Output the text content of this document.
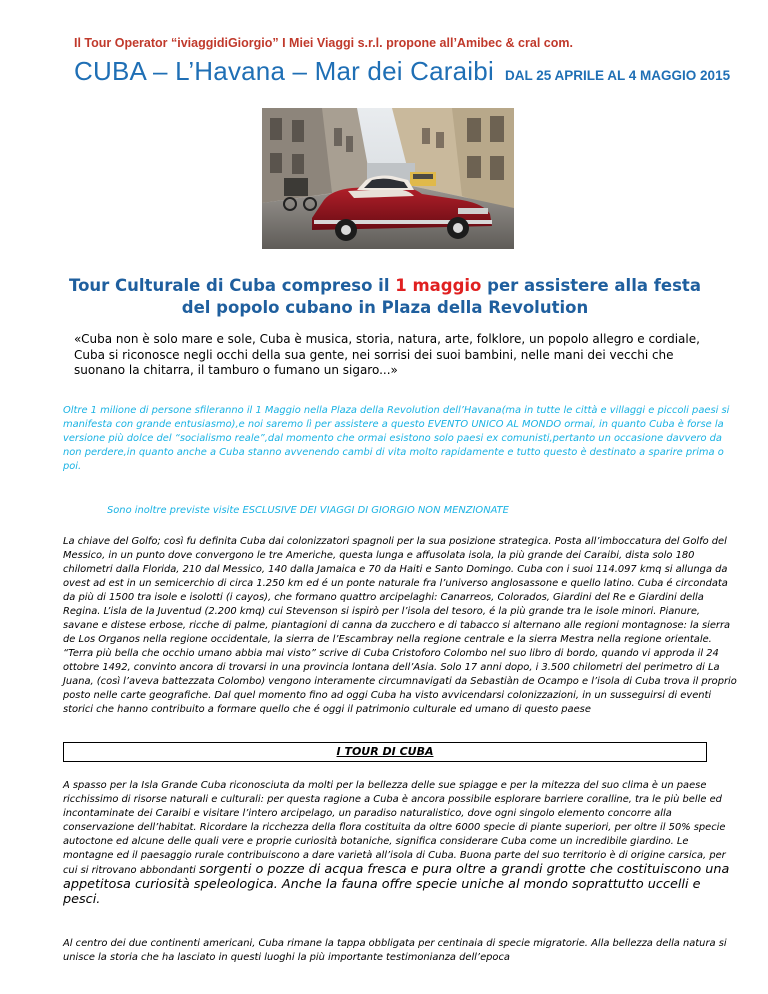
Il Tour Operator “iviaggidiGiorgio” I Miei Viaggi s.r.l. propone all’Amibec & cral com.
CUBA – L’Havana – Mar dei Caraibi DAL 25 APRILE AL 4 MAGGIO 2015
Tour Culturale di Cuba compreso il 1 maggio per assistere alla festa del popolo cubano in Plaza della Revolution
«Cuba non è solo mare e sole, Cuba è musica, storia, natura, arte, folklore, un popolo allegro e cordiale, Cuba si riconosce negli occhi della sua gente, nei sorrisi dei suoi bambini, nelle mani dei vecchi che suonano la chitarra, il tamburo o fumano un sigaro...»
Oltre 1 milione di persone sfileranno il 1 Maggio nella Plaza della Revolution dell’Havana(ma in tutte le città e villaggi e piccoli paesi si manifesta con grande entusiasmo),e noi saremo lì per assistere a questo EVENTO UNICO AL MONDO ormai, in quanto Cuba è forse la versione più dolce del “socialismo reale”,dal momento che ormai esistono solo paesi ex comunisti,pertanto un occasione davvero da non perdere,in quanto anche a Cuba stanno avvenendo cambi di vita molto rapidamente e tutto questo è destinato a sparire prima o poi.
Sono inoltre previste visite ESCLUSIVE DEI VIAGGI DI GIORGIO NON MENZIONATE
La chiave del Golfo; così fu definita Cuba dai colonizzatori spagnoli per la sua posizione strategica. Posta all’imboccatura del Golfo del Messico, in un punto dove convergono le tre Americhe, questa lunga e affusolata isola, la più grande dei Caraibi, dista solo 180 chilometri dalla Florida, 210 dal Messico, 140 dalla Jamaica e 70 da Haiti e Santo Domingo. Cuba con i suoi 114.097 kmq si allunga da ovest ad est in un semicerchio di circa 1.250 km ed é un ponte naturale fra l’universo anglosassone e quello latino. Cuba é circondata da più di 1500 tra isole e isolotti (i cayos), che formano quattro arcipelaghi: Canarreos, Colorados, Giardini del Re e Giardini della Regina. L’isla de la Juventud (2.200 kmq) cui Stevenson si ispirò per l’isola del tesoro, é la più grande tra le isole minori. Pianure, savane e distese erbose, ricche di palme, piantagioni di canna da zucchero e di tabacco si alternano alle regioni montagnose: la sierra de Los Organos nella regione occidentale, la sierra de l’Escambray nella regione centrale e la sierra Mestra nella regione orientale. “Terra più bella che occhio umano abbia mai visto” scrive di Cuba Cristoforo Colombo nel suo libro di bordo, quando vi approda il 24 ottobre 1492, convinto ancora di trovarsi in una provincia lontana dell’Asia. Solo 17 anni dopo, i 3.500 chilometri del perimetro di La Juana, (così l’aveva battezzata Colombo) vengono interamente circumnavigati da Sebastiàn de Ocampo e l’isola di Cuba trova il proprio posto nelle carte geografiche. Dal quel momento fino ad oggi Cuba ha visto avvicendarsi colonizzazioni, in un susseguirsi di eventi storici che hanno contribuito a formare quello che é oggi il patrimonio culturale ed umano di questo paese
I TOUR DI CUBA
A spasso per la Isla Grande Cuba riconosciuta da molti per la bellezza delle sue spiagge e per la mitezza del suo clima è un paese ricchissimo di risorse naturali e culturali: per questa ragione a Cuba è ancora possibile esplorare barriere coralline, tra le più belle ed incontaminate dei Caraibi e visitare l’intero arcipelago, un paradiso naturalistico, dove ogni singolo elemento concorre alla conservazione dell’habitat. Ricordare la ricchezza della flora costituita da oltre 6000 specie di piante superiori, per oltre il 50% specie autoctone ed alcune delle quali vere e proprie curiosità botaniche, significa considerare Cuba come un incredibile giardino. Le montagne ed il paesaggio rurale contribuiscono a dare varietà all’isola di Cuba. Buona parte del suo territorio è di origine carsica, per cui si ritrovano abbondanti sorgenti o pozze di acqua fresca e pura oltre a grandi grotte che costituiscono una appetitosa curiosità speleologica. Anche la fauna offre specie uniche al mondo soprattutto uccelli e pesci.
Al centro dei due continenti americani, Cuba rimane la tappa obbligata per centinaia di specie migratorie. Alla bellezza della natura si unisce la storia che ha lasciato in questi luoghi la più importante testimonianza dell’epoca
